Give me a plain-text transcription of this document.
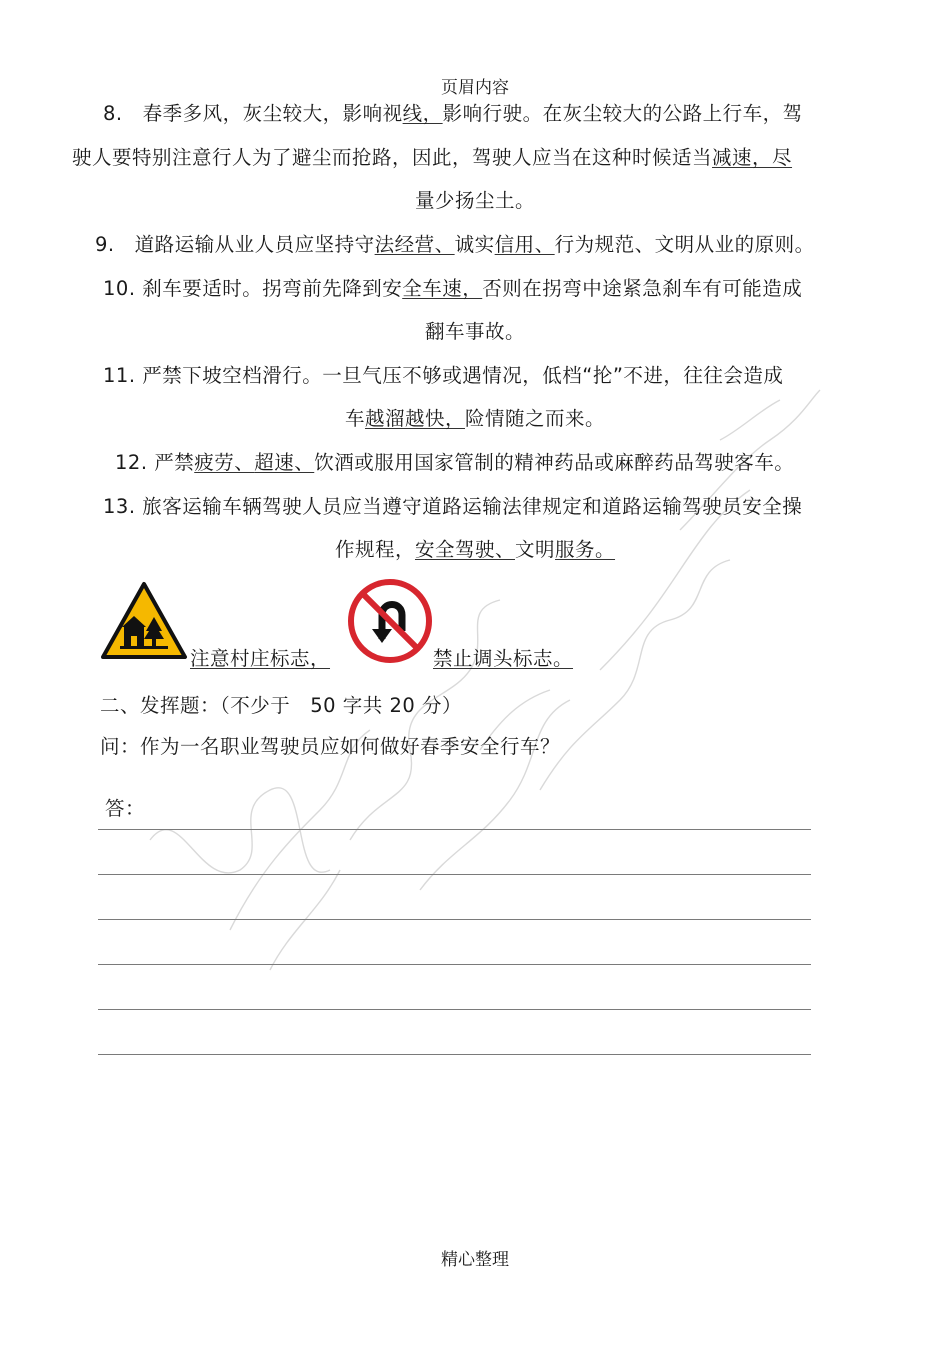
页眉内容
8.　春季多风，灰尘较大，影响视线，影响行驶。在灰尘较大的公路上行车，驾
驶人要特别注意行人为了避尘而抢路，因此，驾驶人应当在这种时候适当减速，尽
量少扬尘土。
9.　道路运输从业人员应坚持守法经营、诚实信用、行为规范、文明从业的原则。
10. 刹车要适时。拐弯前先降到安全车速，否则在拐弯中途紧急刹车有可能造成
翻车事故。
11. 严禁下坡空档滑行。一旦气压不够或遇情况，低档“抡”不进，往往会造成
车越溜越快，险情随之而来。
12. 严禁疲劳、超速、饮酒或服用国家管制的精神药品或麻醉药品驾驶客车。
13. 旅客运输车辆驾驶人员应当遵守道路运输法律规定和道路运输驾驶员安全操
作规程，安全驾驶、文明服务。
注意村庄标志，	禁止调头标志。
二、发挥题：（不少于　50 字共 20 分）
问：作为一名职业驾驶员应如何做好春季安全行车？
答：
精心整理
